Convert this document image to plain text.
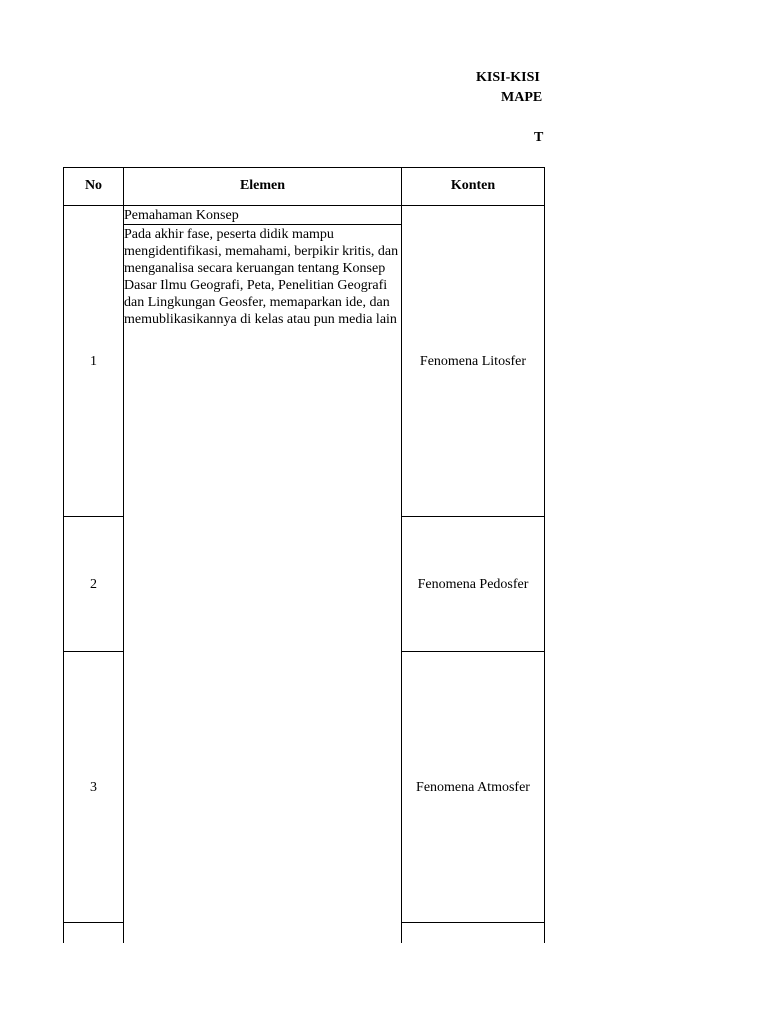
KISI-KISI
MAPE
T
No	Elemen	Konten
Pemahaman Konsep
Pada akhir fase, peserta didik mampu mengidentifikasi, memahami, berpikir kritis, dan menganalisa secara keruangan tentang Konsep Dasar Ilmu Geografi, Peta, Penelitian Geografi dan Lingkungan Geosfer, memaparkan ide, dan memublikasikannya di kelas atau pun media lain
1	Fenomena Litosfer
2	Fenomena Pedosfer
3	Fenomena Atmosfer
